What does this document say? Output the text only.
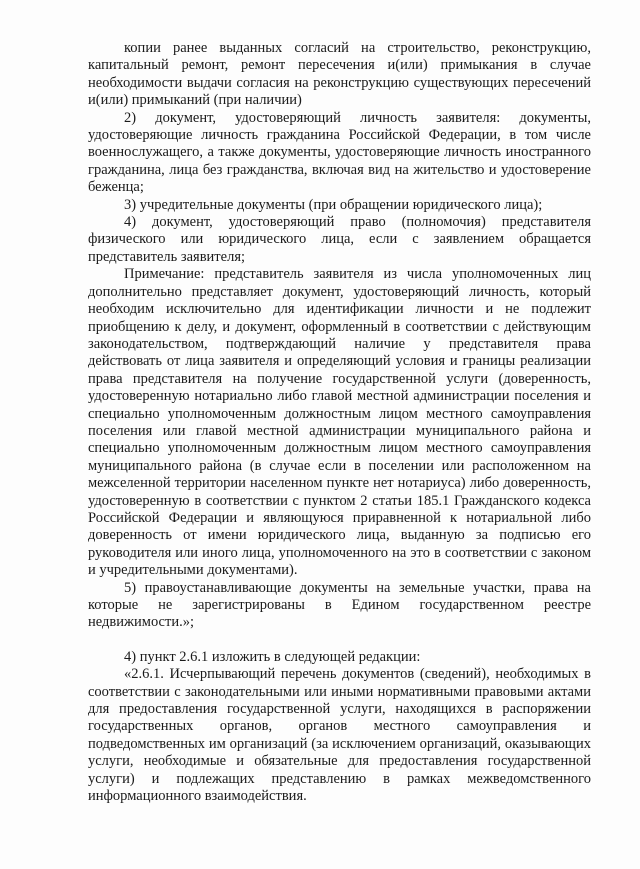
копии ранее выданных согласий на строительство, реконструкцию, капитальный ремонт, ремонт пересечения и(или) примыкания в случае необходимости выдачи согласия на реконструкцию существующих пересечений и(или) примыканий (при наличии)

2) документ, удостоверяющий личность заявителя: документы, удостоверяющие личность гражданина Российской Федерации, в том числе военнослужащего, а также документы, удостоверяющие личность иностранного гражданина, лица без гражданства, включая вид на жительство и удостоверение беженца;

3) учредительные документы (при обращении юридического лица);

4) документ, удостоверяющий право (полномочия) представителя физического или юридического лица, если с заявлением обращается представитель заявителя;

Примечание: представитель заявителя из числа уполномоченных лиц дополнительно представляет документ, удостоверяющий личность, который необходим исключительно для идентификации личности и не подлежит приобщению к делу, и документ, оформленный в соответствии с действующим законодательством, подтверждающий наличие у представителя права действовать от лица заявителя и определяющий условия и границы реализации права представителя на получение государственной услуги (доверенность, удостоверенную нотариально либо главой местной администрации поселения и специально уполномоченным должностным лицом местного самоуправления поселения или главой местной администрации муниципального района и специально уполномоченным должностным лицом местного самоуправления муниципального района (в случае если в поселении или расположенном на межселенной территории населенном пункте нет нотариуса) либо доверенность, удостоверенную в соответствии с пунктом 2 статьи 185.1 Гражданского кодекса Российской Федерации и являющуюся приравненной к нотариальной либо доверенность от имени юридического лица, выданную за подписью его руководителя или иного лица, уполномоченного на это в соответствии с законом и учредительными документами).

5) правоустанавливающие документы на земельные участки, права на которые не зарегистрированы в Едином государственном реестре недвижимости.»;

4) пункт 2.6.1 изложить в следующей редакции:

«2.6.1. Исчерпывающий перечень документов (сведений), необходимых в соответствии с законодательными или иными нормативными правовыми актами для предоставления государственной услуги, находящихся в распоряжении государственных органов, органов местного самоуправления и подведомственных им организаций (за исключением организаций, оказывающих услуги, необходимые и обязательные для предоставления государственной услуги) и подлежащих представлению в рамках межведомственного информационного взаимодействия.
